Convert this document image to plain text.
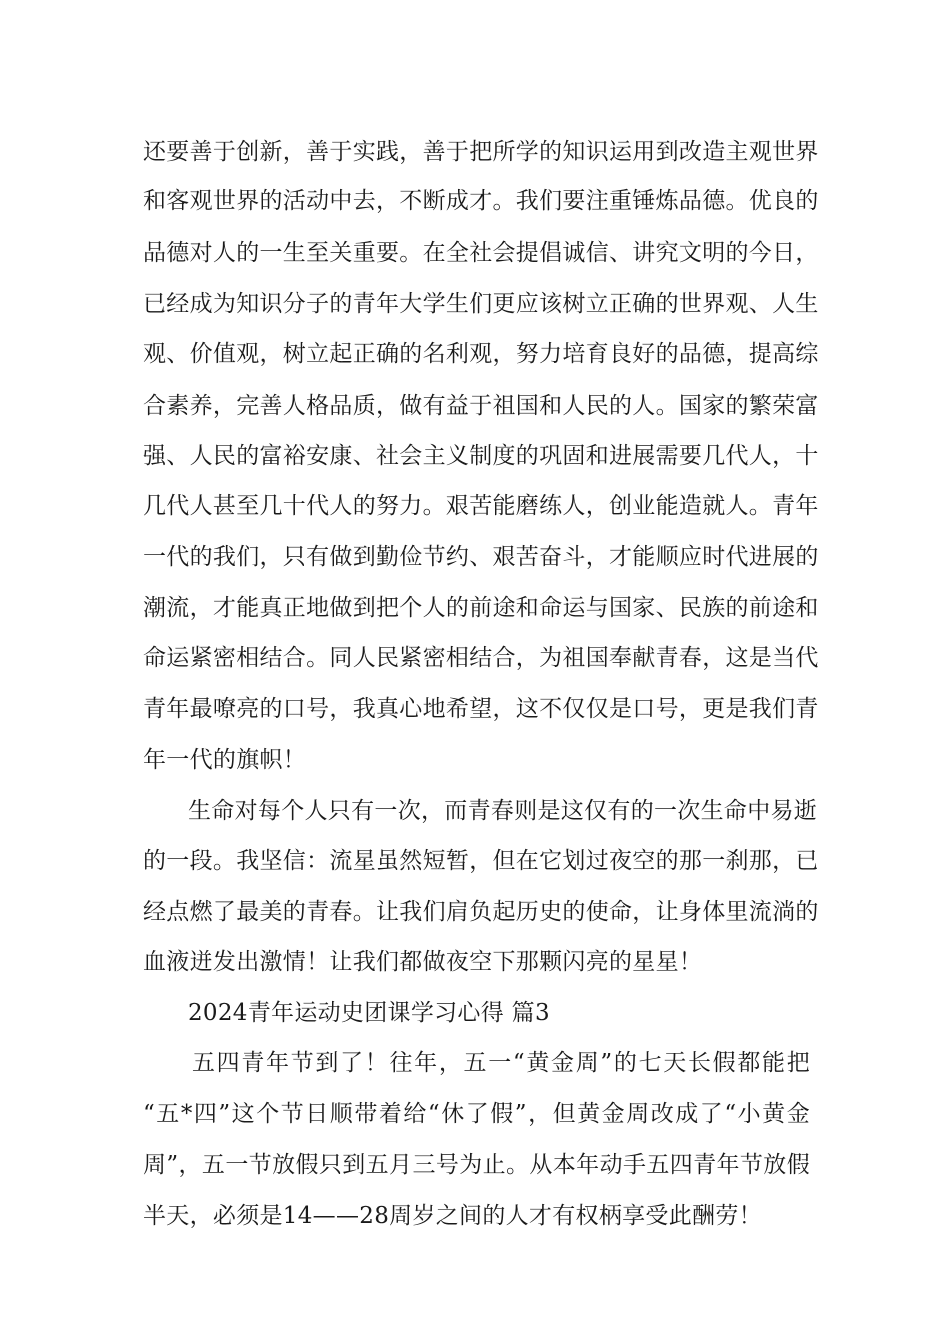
还要善于创新，善于实践，善于把所学的知识运用到改造主观世界
和客观世界的活动中去，不断成才。我们要注重锤炼品德。优良的
品德对人的一生至关重要。在全社会提倡诚信、讲究文明的今日，
已经成为知识分子的青年大学生们更应该树立正确的世界观、人生
观、价值观，树立起正确的名利观，努力培育良好的品德，提高综
合素养，完善人格品质，做有益于祖国和人民的人。国家的繁荣富
强、人民的富裕安康、社会主义制度的巩固和进展需要几代人，十
几代人甚至几十代人的努力。艰苦能磨练人，创业能造就人。青年
一代的我们，只有做到勤俭节约、艰苦奋斗，才能顺应时代进展的
潮流，才能真正地做到把个人的前途和命运与国家、民族的前途和
命运紧密相结合。同人民紧密相结合，为祖国奉献青春，这是当代
青年最嘹亮的口号，我真心地希望，这不仅仅是口号，更是我们青
年一代的旗帜！
生命对每个人只有一次，而青春则是这仅有的一次生命中易逝
的一段。我坚信：流星虽然短暂，但在它划过夜空的那一刹那，已
经点燃了最美的青春。让我们肩负起历史的使命，让身体里流淌的
血液迸发出激情！让我们都做夜空下那颗闪亮的星星！
2024青年运动史团课学习心得 篇3
五四青年节到了！往年，五一“黄金周”的七天长假都能把
“五*四”这个节日顺带着给“休了假”，但黄金周改成了“小黄金
周”，五一节放假只到五月三号为止。从本年动手五四青年节放假
半天，必须是14——28周岁之间的人才有权柄享受此酬劳！
